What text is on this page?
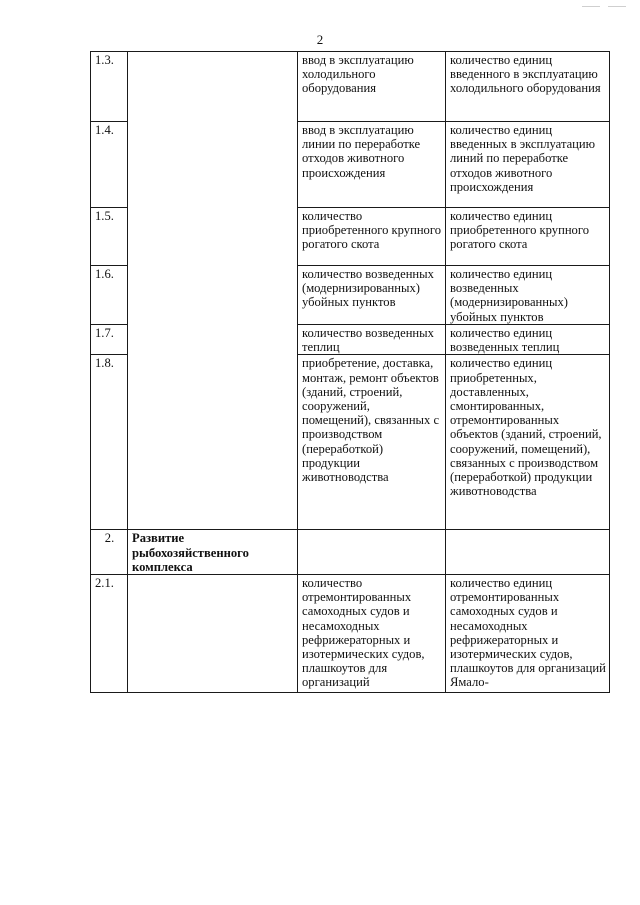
2
1.3.		ввод в эксплуатацию холодильного оборудования	количество единиц введенного в эксплуатацию холодильного оборудования
1.4.		ввод в эксплуатацию линии по переработке отходов животного происхождения	количество единиц введенных в эксплуатацию линий по переработке отходов животного происхождения
1.5.		количество приобретенного крупного рогатого скота	количество единиц приобретенного крупного рогатого скота
1.6.		количество возведенных (модернизированных) убойных пунктов	количество единиц возведенных (модернизированных) убойных пунктов
1.7.		количество возведенных теплиц	количество единиц возведенных теплиц
1.8.		приобретение, доставка, монтаж, ремонт объектов (зданий, строений, сооружений, помещений), связанных с производством (переработкой) продукции животноводства	количество единиц приобретенных, доставленных, смонтированных, отремонтированных объектов (зданий, строений, сооружений, помещений), связанных с производством (переработкой) продукции животноводства
2.	Развитие рыбохозяйственного комплекса		
2.1.		количество отремонтированных самоходных судов и несамоходных рефрижераторных и изотермических судов, плашкоутов для организаций	количество единиц отремонтированных самоходных судов и несамоходных рефрижераторных и изотермических судов, плашкоутов для организаций Ямало-
